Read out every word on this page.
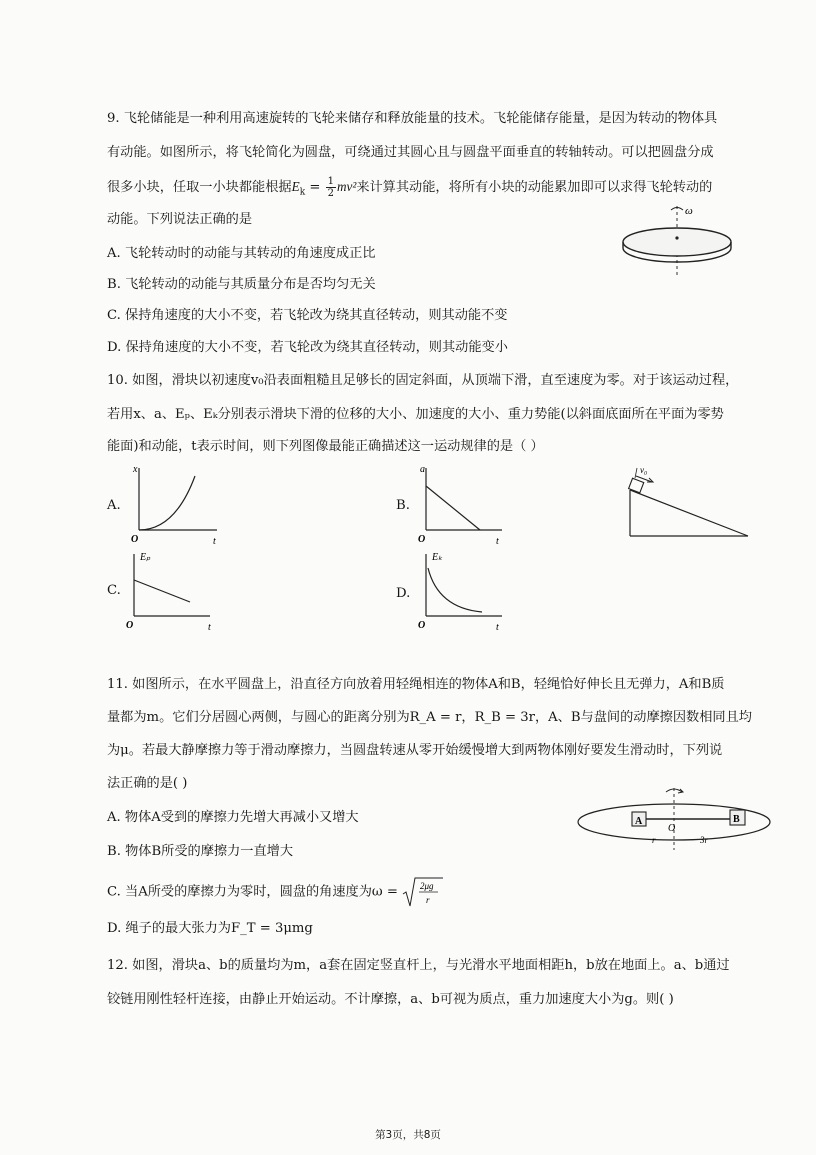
9. 飞轮储能是一种利用高速旋转的飞轮来储存和释放能量的技术。飞轮能储存能量，是因为转动的物体具
有动能。如图所示，将飞轮简化为圆盘，可绕通过其圆心且与圆盘平面垂直的转轴转动。可以把圆盘分成
很多小块，任取一小块都能根据$E_k = \frac{1}{2} mv^2$来计算其动能，将所有小块的动能累加即可以求得飞轮转动的
动能。下列说法正确的是
A. 飞轮转动时的动能与其转动的角速度成正比
B. 飞轮转动的动能与其质量分布是否均匀无关
C. 保持角速度的大小不变，若飞轮改为绕其直径转动，则其动能不变
D. 保持角速度的大小不变，若飞轮改为绕其直径转动，则其动能变小
ω
10. 如图，滑块以初速度v₀沿表面粗糙且足够长的固定斜面，从顶端下滑，直至速度为零。对于该运动过程，
若用x、a、Eₚ、Eₖ分别表示滑块下滑的位移的大小、加速度的大小、重力势能(以斜面底面所在平面为零势
能面)和动能，t表示时间，则下列图像最能正确描述这一运动规律的是（ ）
A.
x
t
O
B.
a
t
O
v₀
C.
Eₚ
t
O
D.
Eₖ
t
O
11. 如图所示，在水平圆盘上，沿直径方向放着用轻绳相连的物体A和B，轻绳恰好伸长且无弹力，A和B质
量都为m。它们分居圆心两侧，与圆心的距离分别为R_A = r，R_B = 3r，A、B与盘间的动摩擦因数相同且均
为μ。若最大静摩擦力等于滑动摩擦力，当圆盘转速从零开始缓慢增大到两物体刚好要发生滑动时，下列说
法正确的是( )
A. 物体A受到的摩擦力先增大再减小又增大
B. 物体B所受的摩擦力一直增大
C. 当A所受的摩擦力为零时，圆盘的角速度为ω = 2μg
r
D. 绳子的最大张力为F_T = 3μmg
A	B
O
r	3r
12. 如图，滑块a、b的质量均为m，a套在固定竖直杆上，与光滑水平地面相距h，b放在地面上。a、b通过
铰链用刚性轻杆连接，由静止开始运动。不计摩擦，a、b可视为质点，重力加速度大小为g。则( )
第3页，共8页
